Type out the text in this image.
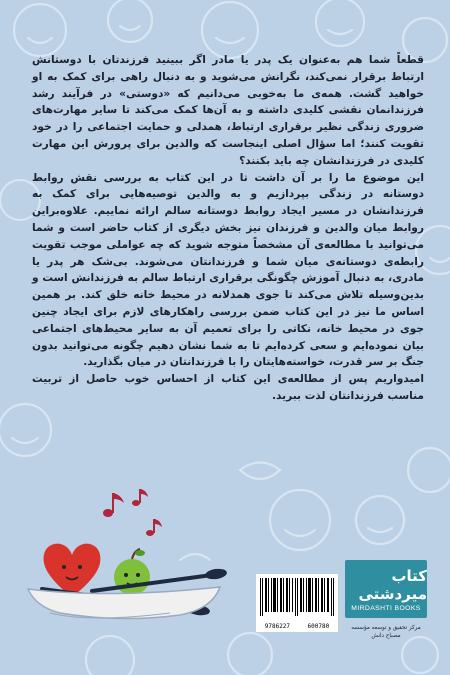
قطعاً شما هم به‌عنوان یک پدر یا مادر اگر ببینید فرزندتان با دوستانش ارتباط برقرار نمی‌کند، نگرانش می‌شوید و به دنبال راهی برای کمک به او خواهید گشت. همه‌ی ما به‌خوبی می‌دانیم که «دوستی» در فرآیند رشد فرزندانمان نقشی کلیدی داشته و به آن‌ها کمک می‌کند تا سایر مهارت‌های ضروری زندگی نظیر برقراری ارتباط، همدلی و حمایت اجتماعی را در خود تقویت کنند؛ اما سؤال اصلی اینجاست که والدین برای پرورش این مهارت کلیدی در فرزندانشان چه باید بکنند؟

این موضوع ما را بر آن داشت تا در این کتاب به بررسی نقش روابط دوستانه در زندگی بپردازیم و به والدین توصیه‌هایی برای کمک به فرزندانشان در مسیر ایجاد روابط دوستانه سالم ارائه نماییم. علاوه‌براین روابط میان والدین و فرزندان نیز بخش دیگری از کتاب حاضر است و شما می‌توانید با مطالعه‌ی آن مشخصاً متوجه شوید که چه عواملی موجب تقویت رابطه‌ی دوستانه‌ی میان شما و فرزندانتان می‌شوند. بی‌شک هر پدر یا مادری، به دنبال آموزش چگونگی برقراری ارتباط سالم به فرزندانش است و بدین‌وسیله تلاش می‌کند تا جوی همدلانه در محیط خانه خلق کند. بر همین اساس ما نیز در این کتاب ضمن بررسی راهکارهای لازم برای ایجاد چنین جوی در محیط خانه، نکاتی را برای تعمیم آن به سایر محیط‌های اجتماعی بیان نموده‌ایم و سعی کرده‌ایم تا به شما نشان دهیم چگونه می‌توانید بدون جنگ بر سر قدرت، خواسته‌هایتان را با فرزندانتان در میان بگذارید.

امیدواریم پس از مطالعه‌ی این کتاب از احساس خوب حاصل از تربیت مناسب فرزندانتان لذت ببرید.

9786227	600780
کتاب میردشتی
MIRDASHTI BOOKS
مرکز تحقیق و توسعه مؤسسه مصباح دانش
